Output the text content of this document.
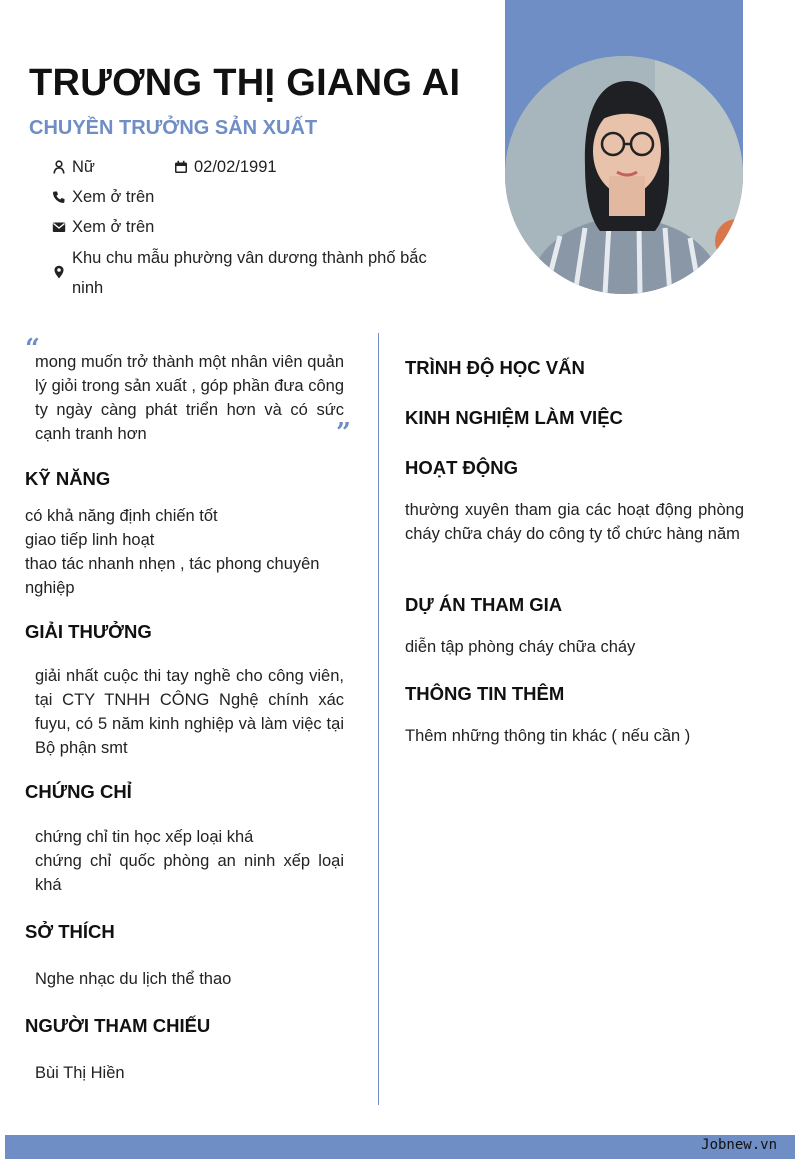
TRƯƠNG THỊ GIANG AI
CHUYỀN TRƯỞNG SẢN XUẤT
Nữ	02/02/1991
Xem ở trên
Xem ở trên
Khu chu mẫu phường vân dương thành phố bắc ninh
“
mong muốn trở thành một nhân viên quản lý giỏi trong sản xuất , góp phần đưa công ty ngày càng phát triển hơn và có sức cạnh tranh hơn	”
KỸ NĂNG
có khả năng định chiến tốt
giao tiếp linh hoạt
thao tác nhanh nhẹn , tác phong chuyên nghiệp
GIẢI THƯỞNG
giải nhất cuộc thi tay nghề cho công viên, tại CTY TNHH CÔNG Nghệ chính xác fuyu, có 5 năm kinh nghiệp và làm việc tại Bộ phận smt
CHỨNG CHỈ
chứng chỉ tin học xếp loại khá
chứng chỉ quốc phòng an ninh xếp loại khá
SỞ THÍCH
Nghe nhạc du lịch thể thao
NGƯỜI THAM CHIẾU
Bùi Thị Hiền
TRÌNH ĐỘ HỌC VẤN
KINH NGHIỆM LÀM VIỆC
HOẠT ĐỘNG
thường xuyên tham gia các hoạt động phòng cháy chữa cháy do công ty tổ chức hàng năm
DỰ ÁN THAM GIA
diễn tập phòng cháy chữa cháy
THÔNG TIN THÊM
Thêm những thông tin khác ( nếu cần )
Jobnew.vn
